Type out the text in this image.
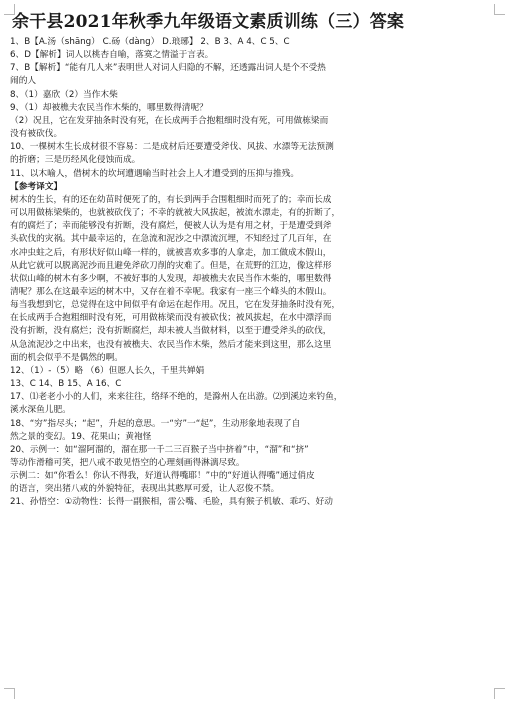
余干县2021年秋季九年级语文素质训练（三）答案

1、B【A.汤（shāng） C.砀（dàng） D.琅琊】 2、B 3、A 4、C 5、C

6、D【解析】词人以桃杏自喻，落寞之情溢于言表。

7、B【解析】“能有几人来”表明世人对词人归隐的不解，还透露出词人是个不受热

闹的人

8、（1）嘉欣（2）当作木柴

9、（1）却被樵夫农民当作木柴的，哪里数得清呢？

（2）况且，它在发芽抽条时没有死，在长成两手合抱粗细时没有死，可用做栋梁而

没有被砍伐。

10、一棵树木生长成材很不容易：二是成材后还要遭受斧伐、风拔、水漂等无法预测

的折磨；三是历经风化侵蚀而成。

11、以木喻人，借树木的坎坷遭遇喻当时社会上人才遭受到的压抑与推残。

【参考译文】

树木的生长，有的还在幼苗时便死了的，有长到两手合围粗细时而死了的；幸而长成

可以用做栋梁柴的，也就被砍伐了；不幸的就被大风拔起，被流水漂走，有的折断了，

有的腐烂了；幸而能够没有折断，没有腐烂，便被人认为是有用之材，于是遭受到斧

头砍伐的灾祸。其中最幸运的，在急流和泥沙之中漂流沉埋，不知经过了几百年，在

水冲虫蛀之后，有形状好似山峰一样的，就被喜欢多事的人拿走，加工做成木假山，

从此它就可以脱离泥沙而且避免斧砍刀削的灾难了。但是，在荒野的江边，像这样形

状似山峰的树木有多少啊，不被好事的人发现，却被樵夫农民当作木柴的，哪里数得

清呢？那么在这最幸运的树木中，又存在着不幸呢。我家有一座三个峰头的木假山。

每当我想到它，总觉得在这中间似乎有命运在起作用。况且，它在发芽抽条时没有死，

在长成两手合抱粗细时没有死，可用做栋梁而没有被砍伐；被风拔起，在水中漂浮而

没有折断，没有腐烂；没有折断腐烂，却未被人当做材料，以至于遭受斧头的砍伐，

从急流泥沙之中出来，也没有被樵夫、农民当作木柴，然后才能来到这里，那么这里

面的机会似乎不是偶然的啊。

12、（1）-（5）略 （6）但愿人长久，千里共婵娟

13、C 14、B 15、A 16、C

17、⑴老老小小的人们，来来往往，络绎不绝的，是滁州人在出游。⑵到溪边来钓鱼，

溪水深鱼儿肥。

18、“穷”指尽头；“起”，升起的意思。一“穷”一“起”，生动形象地表现了自

然之景的变幻。19、花果山；黄袍怪

20、示例一：如“溜阿溜的，溜在那一千二三百猴子当中挤着”中，“溜”和“挤”

等动作滑稽可笑，把八戒不敢见悟空的心理刻画得淋漓尽致。

示例二：如“你看么！你认不得我，好道认得嘴耶！”中的“好道认得嘴”通过俏皮

的语言，突出猪八戒的外貌特征，表现出其憨厚可爱，让人忍俊不禁。

21、孙悟空：①动物性：长得一副猴相，雷公嘴、毛脸，具有猴子机敏、乖巧、好动
